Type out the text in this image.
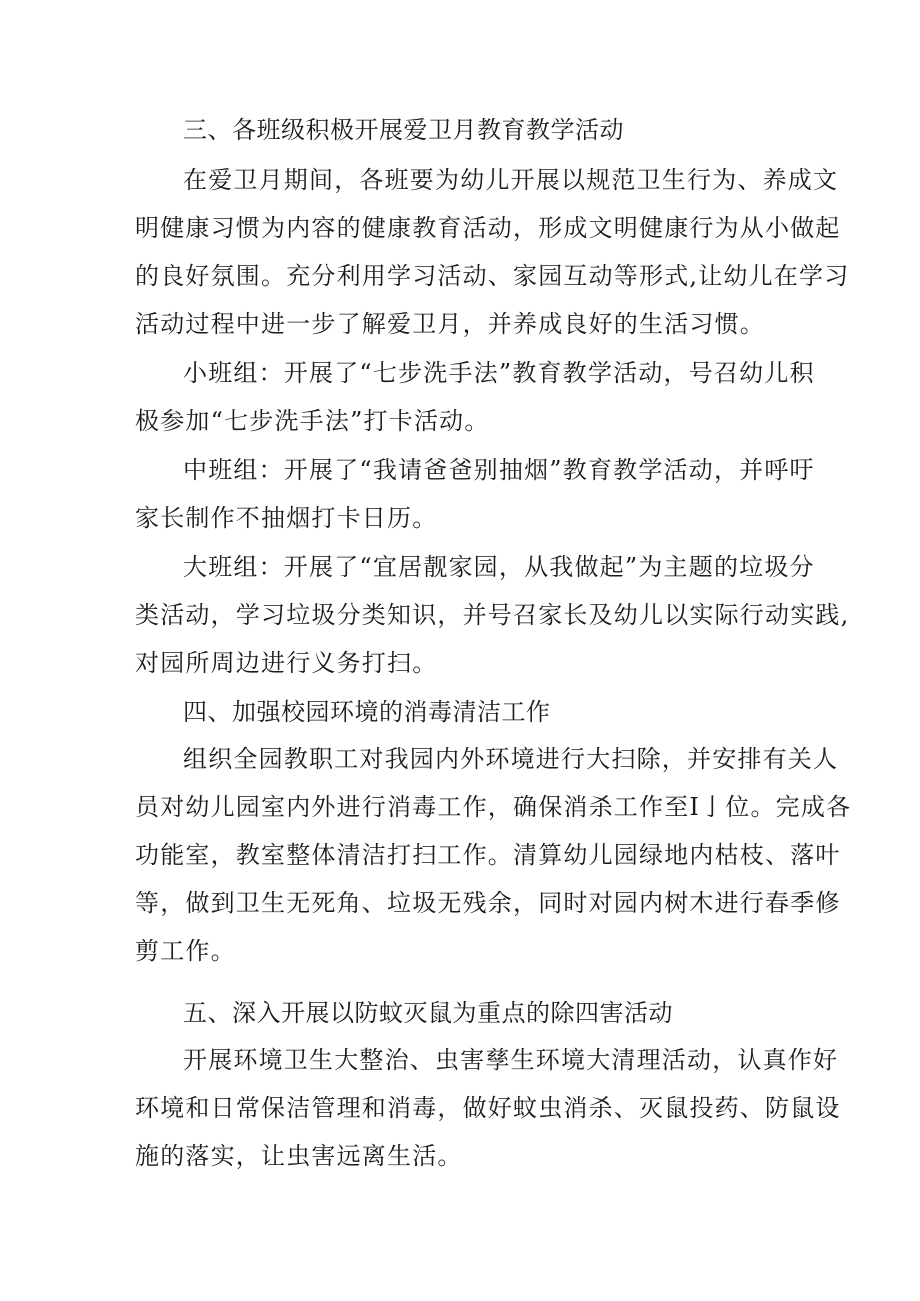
三、各班级积极开展爱卫月教育教学活动
在爱卫月期间，各班要为幼儿开展以规范卫生行为、养成文
明健康习惯为内容的健康教育活动，形成文明健康行为从小做起
的良好氛围。充分利用学习活动、家园互动等形式,让幼儿在学习
活动过程中进一步了解爱卫月，并养成良好的生活习惯。
小班组：开展了“七步洗手法”教育教学活动，号召幼儿积
极参加“七步洗手法”打卡活动。
中班组：开展了“我请爸爸别抽烟”教育教学活动，并呼吁
家长制作不抽烟打卡日历。
大班组：开展了“宜居靓家园，从我做起”为主题的垃圾分
类活动，学习垃圾分类知识，并号召家长及幼儿以实际行动实践,
对园所周边进行义务打扫。
四、加强校园环境的消毒清洁工作
组织全园教职工对我园内外环境进行大扫除，并安排有关人
员对幼儿园室内外进行消毒工作，确保消杀工作至I亅位。完成各
功能室，教室整体清洁打扫工作。清算幼儿园绿地内枯枝、落叶
等，做到卫生无死角、垃圾无残余，同时对园内树木进行春季修
剪工作。
五、深入开展以防蚊灭鼠为重点的除四害活动
开展环境卫生大整治、虫害孳生环境大清理活动，认真作好
环境和日常保洁管理和消毒，做好蚊虫消杀、灭鼠投药、防鼠设
施的落实，让虫害远离生活。
